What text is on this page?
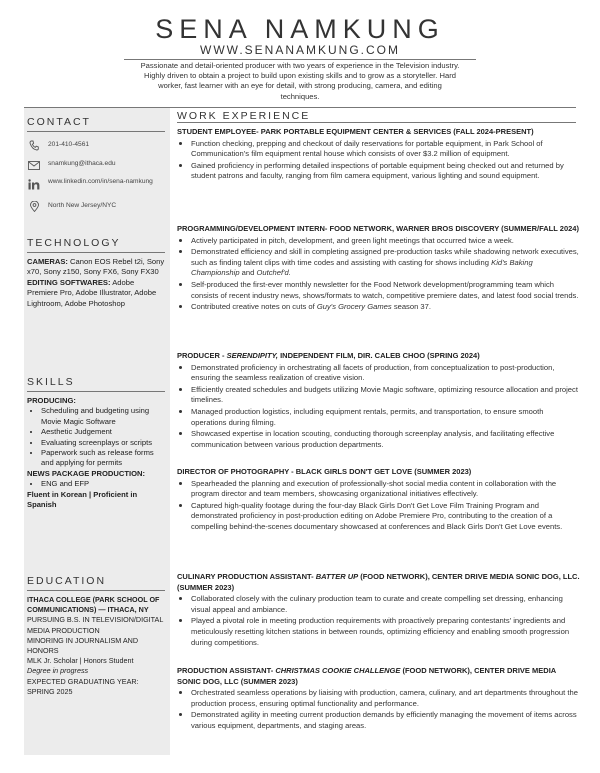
SENA NAMKUNG
WWW.SENANAMKUNG.COM
Passionate and detail-oriented producer with two years of experience in the Television industry. Highly driven to obtain a project to build upon existing skills and to grow as a storyteller. Hard worker, fast learner with an eye for detail, with strong producing, camera, and editing techniques.
CONTACT
201-410-4561
snamkung@ithaca.edu
www.linkedin.com/in/sena-namkung
North New Jersey/NYC
TECHNOLOGY
CAMERAS: Canon EOS Rebel t2i, Sony x70, Sony z150, Sony FX6, Sony FX30
EDITING SOFTWARES: Adobe Premiere Pro, Adobe Illustrator, Adobe Lightroom, Adobe Photoshop
SKILLS
PRODUCING:
• Scheduling and budgeting using Movie Magic Software
• Aesthetic Judgement
• Evaluating screenplays or scripts
• Paperwork such as release forms and applying for permits
NEWS PACKAGE PRODUCTION:
• ENG and EFP
Fluent in Korean | Proficient in Spanish
EDUCATION
ITHACA COLLEGE (PARK SCHOOL OF COMMUNICATIONS) — ITHACA, NY
PURSUING B.S. IN TELEVISION/DIGITAL MEDIA PRODUCTION
MINORING IN JOURNALISM AND HONORS
MLK Jr. Scholar | Honors Student
Degree in progress
EXPECTED GRADUATING YEAR: SPRING 2025
WORK EXPERIENCE
STUDENT EMPLOYEE- PARK PORTABLE EQUIPMENT CENTER & SERVICES (FALL 2024-PRESENT)
• Function checking, prepping and checkout of daily reservations for portable equipment, in Park School of Communication’s film equipment rental house which consists of over $3.2 million of equipment.
• Gained proficiency in performing detailed inspections of portable equipment being checked out and returned by student patrons and faculty, ranging from film camera equipment, various lighting and sound equipment.
PROGRAMMING/DEVELOPMENT INTERN- FOOD NETWORK, WARNER BROS DISCOVERY (SUMMER/FALL 2024)
• Actively participated in pitch, development, and green light meetings that occurred twice a week.
• Demonstrated efficiency and skill in completing assigned pre-production tasks while shadowing network executives, such as finding talent clips with time codes and assisting with casting for shows including Kid's Baking Championship and Outchef'd.
• Self-produced the first-ever monthly newsletter for the Food Network development/programming team which consists of recent industry news, shows/formats to watch, competitive premiere dates, and latest food social trends.
• Contributed creative notes on cuts of Guy's Grocery Games season 37.
PRODUCER - SERENDIPITY, INDEPENDENT FILM, DIR. CALEB CHOO (SPRING 2024)
• Demonstrated proficiency in orchestrating all facets of production, from conceptualization to post-production, ensuring the seamless realization of creative vision.
• Efficiently created schedules and budgets utilizing Movie Magic software, optimizing resource allocation and project timelines.
• Managed production logistics, including equipment rentals, permits, and transportation, to ensure smooth operations during filming.
• Showcased expertise in location scouting, conducting thorough screenplay analysis, and facilitating effective communication between various production departments.
DIRECTOR OF PHOTOGRAPHY - BLACK GIRLS DON'T GET LOVE (SUMMER 2023)
• Spearheaded the planning and execution of professionally-shot social media content in collaboration with the program director and team members, showcasing organizational initiatives effectively.
• Captured high-quality footage during the four-day Black Girls Don't Get Love Film Training Program and demonstrated proficiency in post-production editing on Adobe Premiere Pro, contributing to the creation of a compelling behind-the-scenes documentary showcased at conferences and Black Girls Don't Get Love events.
CULINARY PRODUCTION ASSISTANT- BATTER UP (FOOD NETWORK), CENTER DRIVE MEDIA SONIC DOG, LLC. (SUMMER 2023)
• Collaborated closely with the culinary production team to curate and create compelling set dressing, enhancing visual appeal and ambiance.
• Played a pivotal role in meeting production requirements with proactively preparing contestants' ingredients and meticulously resetting kitchen stations in between rounds, optimizing efficiency and enabling smooth progression during competitions.
PRODUCTION ASSISTANT- CHRISTMAS COOKIE CHALLENGE (FOOD NETWORK), CENTER DRIVE MEDIA SONIC DOG, LLC (SUMMER 2023)
• Orchestrated seamless operations by liaising with production, camera, culinary, and art departments throughout the production process, ensuring optimal functionality and performance.
• Demonstrated agility in meeting current production demands by efficiently managing the movement of items across various equipment, departments, and staging areas.
